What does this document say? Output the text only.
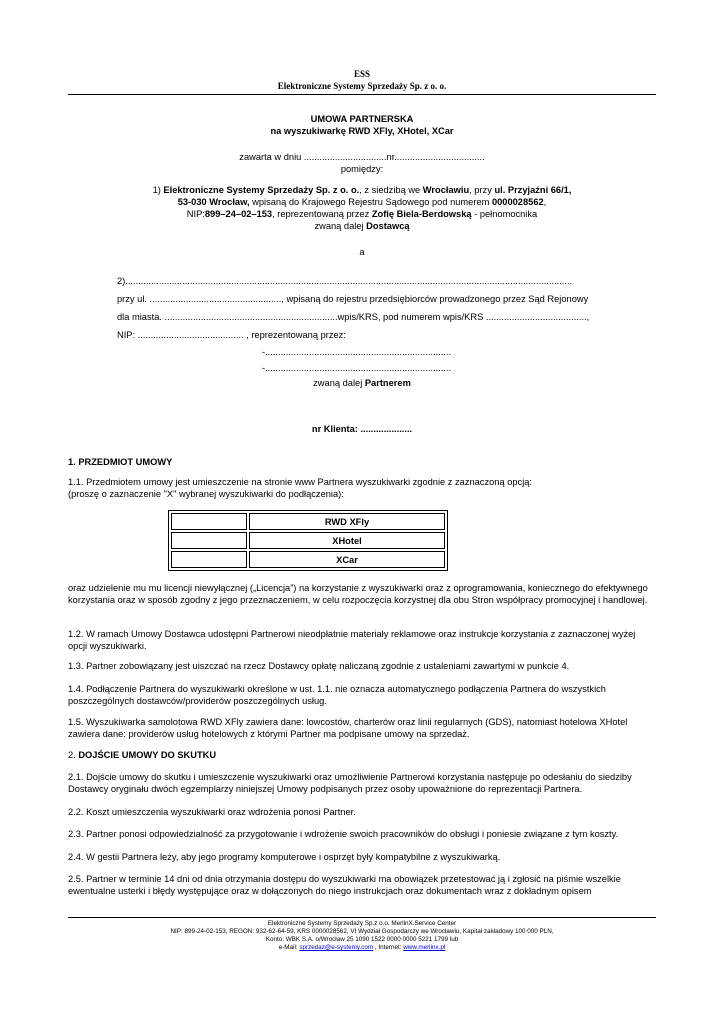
ESS
Elektroniczne Systemy Sprzedaży Sp. z o. o.
UMOWA PARTNERSKA
na wyszukiwarkę RWD XFly, XHotel, XCar
zawarta w dniu ................................nr...................................
pomiędzy:
1) Elektroniczne Systemy Sprzedaży Sp. z o. o., z siedzibą we Wrocławiu, przy ul. Przyjaźni 66/1,
53-030 Wrocław, wpisaną do Krajowego Rejestru Sądowego pod numerem 0000028562,
NIP:899–24–02–153, reprezentowaną przez Zofię Biela-Berdowską - pełnomocnika
zwaną dalej Dostawcą
a
2).............................................................................................................................................................................
przy ul. ..................................................., wpisaną do rejestru przedsiębiorców prowadzonego przez Sąd Rejonowy
dla miasta. ...................................................................wpis/KRS, pod numerem wpis/KRS .......................................,
NIP: ......................................... , reprezentowaną przez:
-........................................................................
-........................................................................
zwaną dalej Partnerem
nr Klienta: ....................
1. PRZEDMIOT UMOWY
1.1. Przedmiotem umowy jest umieszczenie na stronie www Partnera wyszukiwarki zgodnie z zaznaczoną opcją:
(proszę o zaznaczenie "X" wybranej wyszukiwarki do podłączenia):
	RWD XFly
	XHotel
	XCar
oraz udzielenie mu mu licencji niewyłącznej („Licencja”) na korzystanie z wyszukiwarki oraz z oprogramowania, koniecznego do efektywnego korzystania oraz w sposób zgodny z jego przeznaczeniem, w celu rozpoczęcia korzystnej dla obu Stron współpracy promocyjnej i handlowej.
1.2. W ramach Umowy Dostawca udostępni Partnerowi nieodpłatnie materiały reklamowe oraz instrukcje korzystania z zaznaczonej wyżej opcji wyszukiwarki.
1.3. Partner zobowiązany jest uiszczać na rzecz Dostawcy opłatę naliczaną zgodnie z ustaleniami zawartymi w punkcie 4.
1.4. Podłączenie Partnera do wyszukiwarki określone w ust. 1.1. nie oznacza automatycznego podłączenia Partnera do wszystkich poszczególnych dostawców/providerów poszczególnych usług.
1.5. Wyszukiwarka samolotowa RWD XFly zawiera dane: lowcostów, charterów oraz linii regularnych (GDS), natomiast hotelowa XHotel zawiera dane: providerów usług hotelowych z którymi Partner ma podpisane umowy na sprzedaż.
2. DOJŚCIE UMOWY DO SKUTKU
2.1. Dojście umowy do skutku i umieszczenie wyszukiwarki oraz umożliwienie Partnerowi korzystania następuje po odesłaniu do siedziby Dostawcy oryginału dwóch egzemplarzy niniejszej Umowy podpisanych przez osoby upoważnione do reprezentacji Partnera.
2.2. Koszt umieszczenia wyszukiwarki oraz wdrożenia ponosi Partner.
2.3. Partner ponosi odpowiedzialność za przygotowanie i wdrożenie swoich pracowników do obsługi i poniesie związane z tym koszty.
2.4. W gestii Partnera leży, aby jego programy komputerowe i osprzęt były kompatybilne z wyszukiwarką.
2.5. Partner w terminie 14 dni od dnia otrzymania dostępu do wyszukiwarki ma obowiązek przetestować ją i zgłosić na piśmie wszelkie ewentualne usterki i błędy występujące oraz w dołączonych do niego instrukcjach oraz dokumentach wraz z dokładnym opisem
Elektroniczne Systemy Sprzedaży Sp.z o.o. MerlinX.Service Center
NIP: 899-24-02-153, REGON: 932-62-64-59, KRS 0000028562, VI Wydział Gospodarczy we Wrocławiu, Kapitał zakładowy 100 000 PLN,
Konto: WBK S.A. o/Wrocław 25 1090 1522 0000 0000 5221 1799 lub
e-Mail: sprzedaz@e-systemy.com , Internet: www.merlinx.pl
